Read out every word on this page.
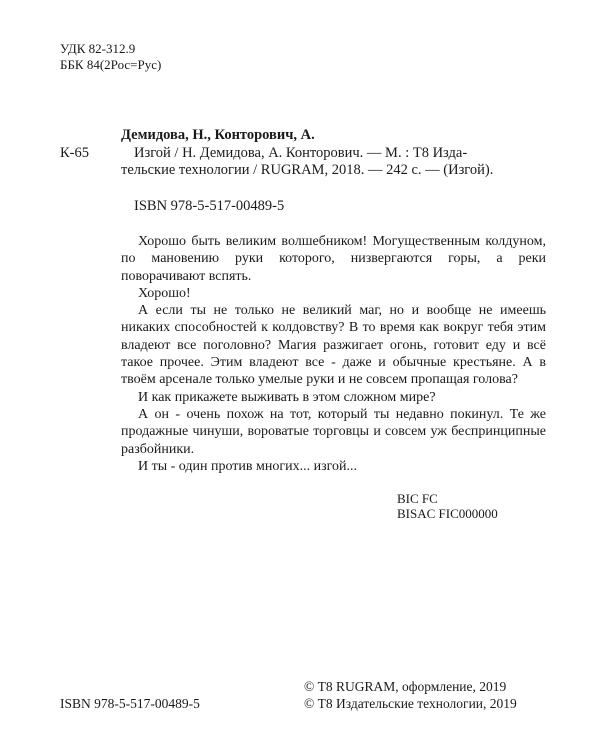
УДК 82-312.9
ББК 84(2Рос=Рус)
К-65
Демидова, Н., Конторович, А.
Изгой / Н. Демидова, А. Конторович. — М. : Т8 Изда-
тельские технологии / RUGRAM, 2018. — 242 с. — (Изгой).
ISBN 978-5-517-00489-5

Хорошо быть великим волшебником! Могущественным колдуном, по мановению руки которого, низвергаются горы, а реки поворачивают вспять.

Хорошо!

А если ты не только не великий маг, но и вообще не имеешь никаких способностей к колдовству? В то время как вокруг тебя этим владеют все поголовно? Магия разжигает огонь, готовит еду и всё такое прочее. Этим владеют все - даже и обычные крестьяне. А в твоём арсенале только умелые руки и не совсем пропащая голова?

И как прикажете выживать в этом сложном мире?

А он - очень похож на тот, который ты недавно покинул. Те же продажные чинуши, вороватые торговцы и совсем уж беспринципные разбойники.

И ты - один против многих... изгой...

BIC FC
BISAC FIC000000
ISBN 978-5-517-00489-5
© Т8 RUGRAM, оформление, 2019
© Т8 Издательские технологии, 2019
